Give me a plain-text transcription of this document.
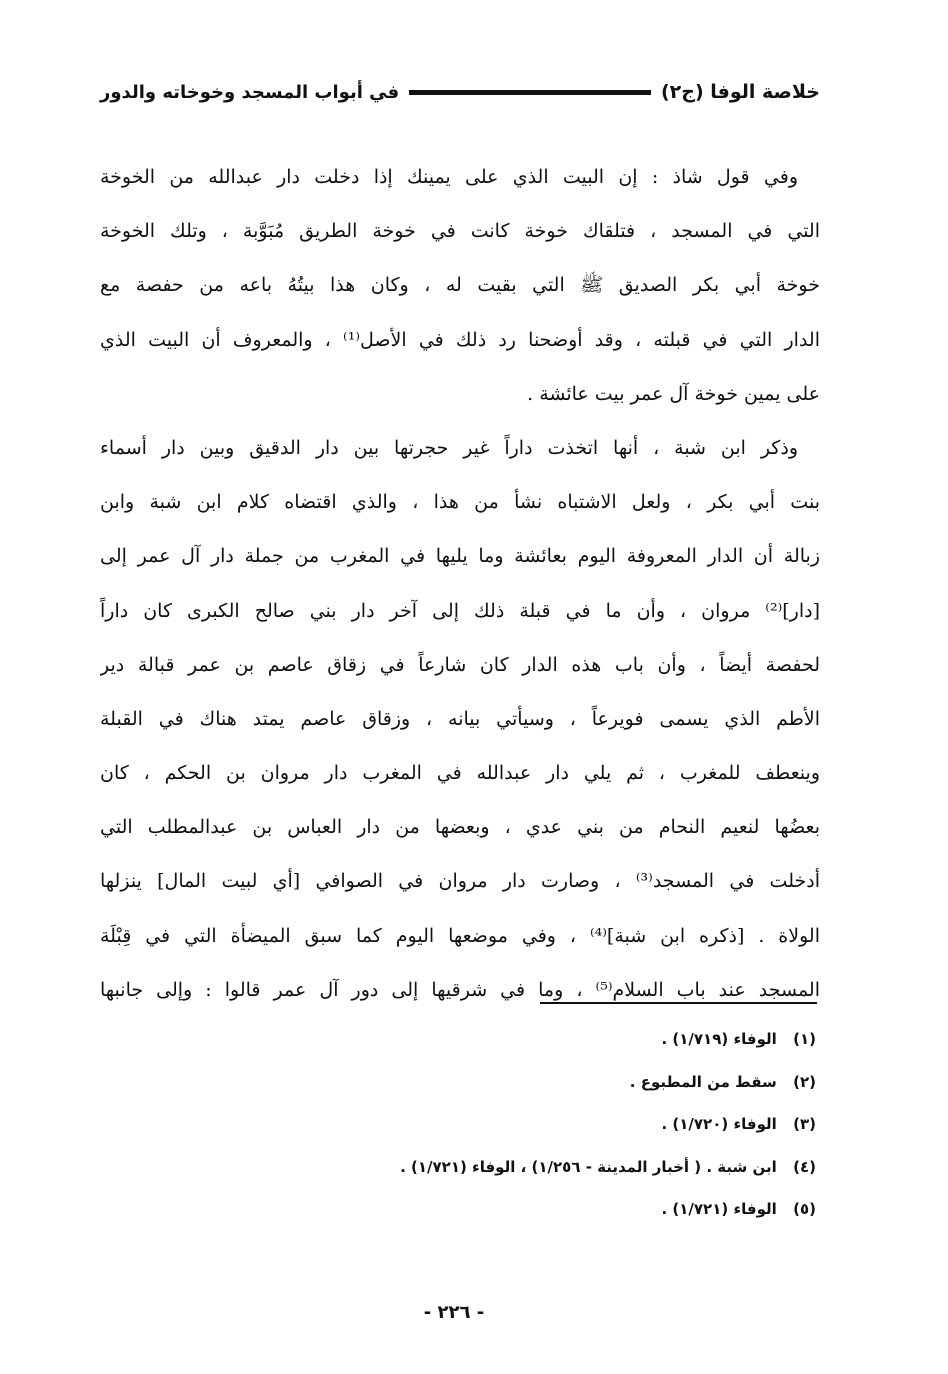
خلاصة الوفا (ج٢)
في أبواب المسجد وخوخاته والدور
وفي قول شاذ : إن البيت الذي على يمينك إذا دخلت دار عبدالله من الخوخة
التي في المسجد ، فتلقاك خوخة كانت في خوخة الطريق مُبَوَّبة ، وتلك الخوخة
خوخة أبي بكر الصديق ﷺ التي بقيت له ، وكان هذا بيتُهُ باعه من حفصة مع
الدار التي في قبلته ، وقد أوضحنا رد ذلك في الأصل⁽¹⁾ ، والمعروف أن البيت الذي
على يمين خوخة آل عمر بيت عائشة .
وذكر ابن شبة ، أنها اتخذت داراً غير حجرتها بين دار الدقيق وبين دار أسماء
بنت أبي بكر ، ولعل الاشتباه نشأ من هذا ، والذي اقتضاه كلام ابن شبة وابن
زبالة أن الدار المعروفة اليوم بعائشة وما يليها في المغرب من جملة دار آل عمر إلى
[دار]⁽²⁾ مروان ، وأن ما في قبلة ذلك إلى آخر دار بني صالح الكبرى كان داراً
لحفصة أيضاً ، وأن باب هذه الدار كان شارعاً في زقاق عاصم بن عمر قبالة دير
الأطم الذي يسمى فويرعاً ، وسيأتي بيانه ، وزقاق عاصم يمتد هناك في القبلة
وينعطف للمغرب ، ثم يلي دار عبدالله في المغرب دار مروان بن الحكم ، كان
بعضُها لنعيم النحام من بني عدي ، وبعضها من دار العباس بن عبدالمطلب التي
أدخلت في المسجد⁽³⁾ ، وصارت دار مروان في الصوافي [أي لبيت المال] ينزلها
الولاة . [ذكره ابن شبة]⁽⁴⁾ ، وفي موضعها اليوم كما سبق الميضأة التي في قِبْلَة
المسجد عند باب السلام⁽⁵⁾ ، وما في شرقيها إلى دور آل عمر قالوا : وإلى جانبها
(١) الوفاء (١/٧١٩) .
(٢) سقط من المطبوع .
(٣) الوفاء (١/٧٢٠) .
(٤) ابن شبة . ( أخبار المدينة - ١/٢٥٦) ، الوفاء (١/٧٢١) .
(٥) الوفاء (١/٧٢١) .
- ٢٢٦ -
